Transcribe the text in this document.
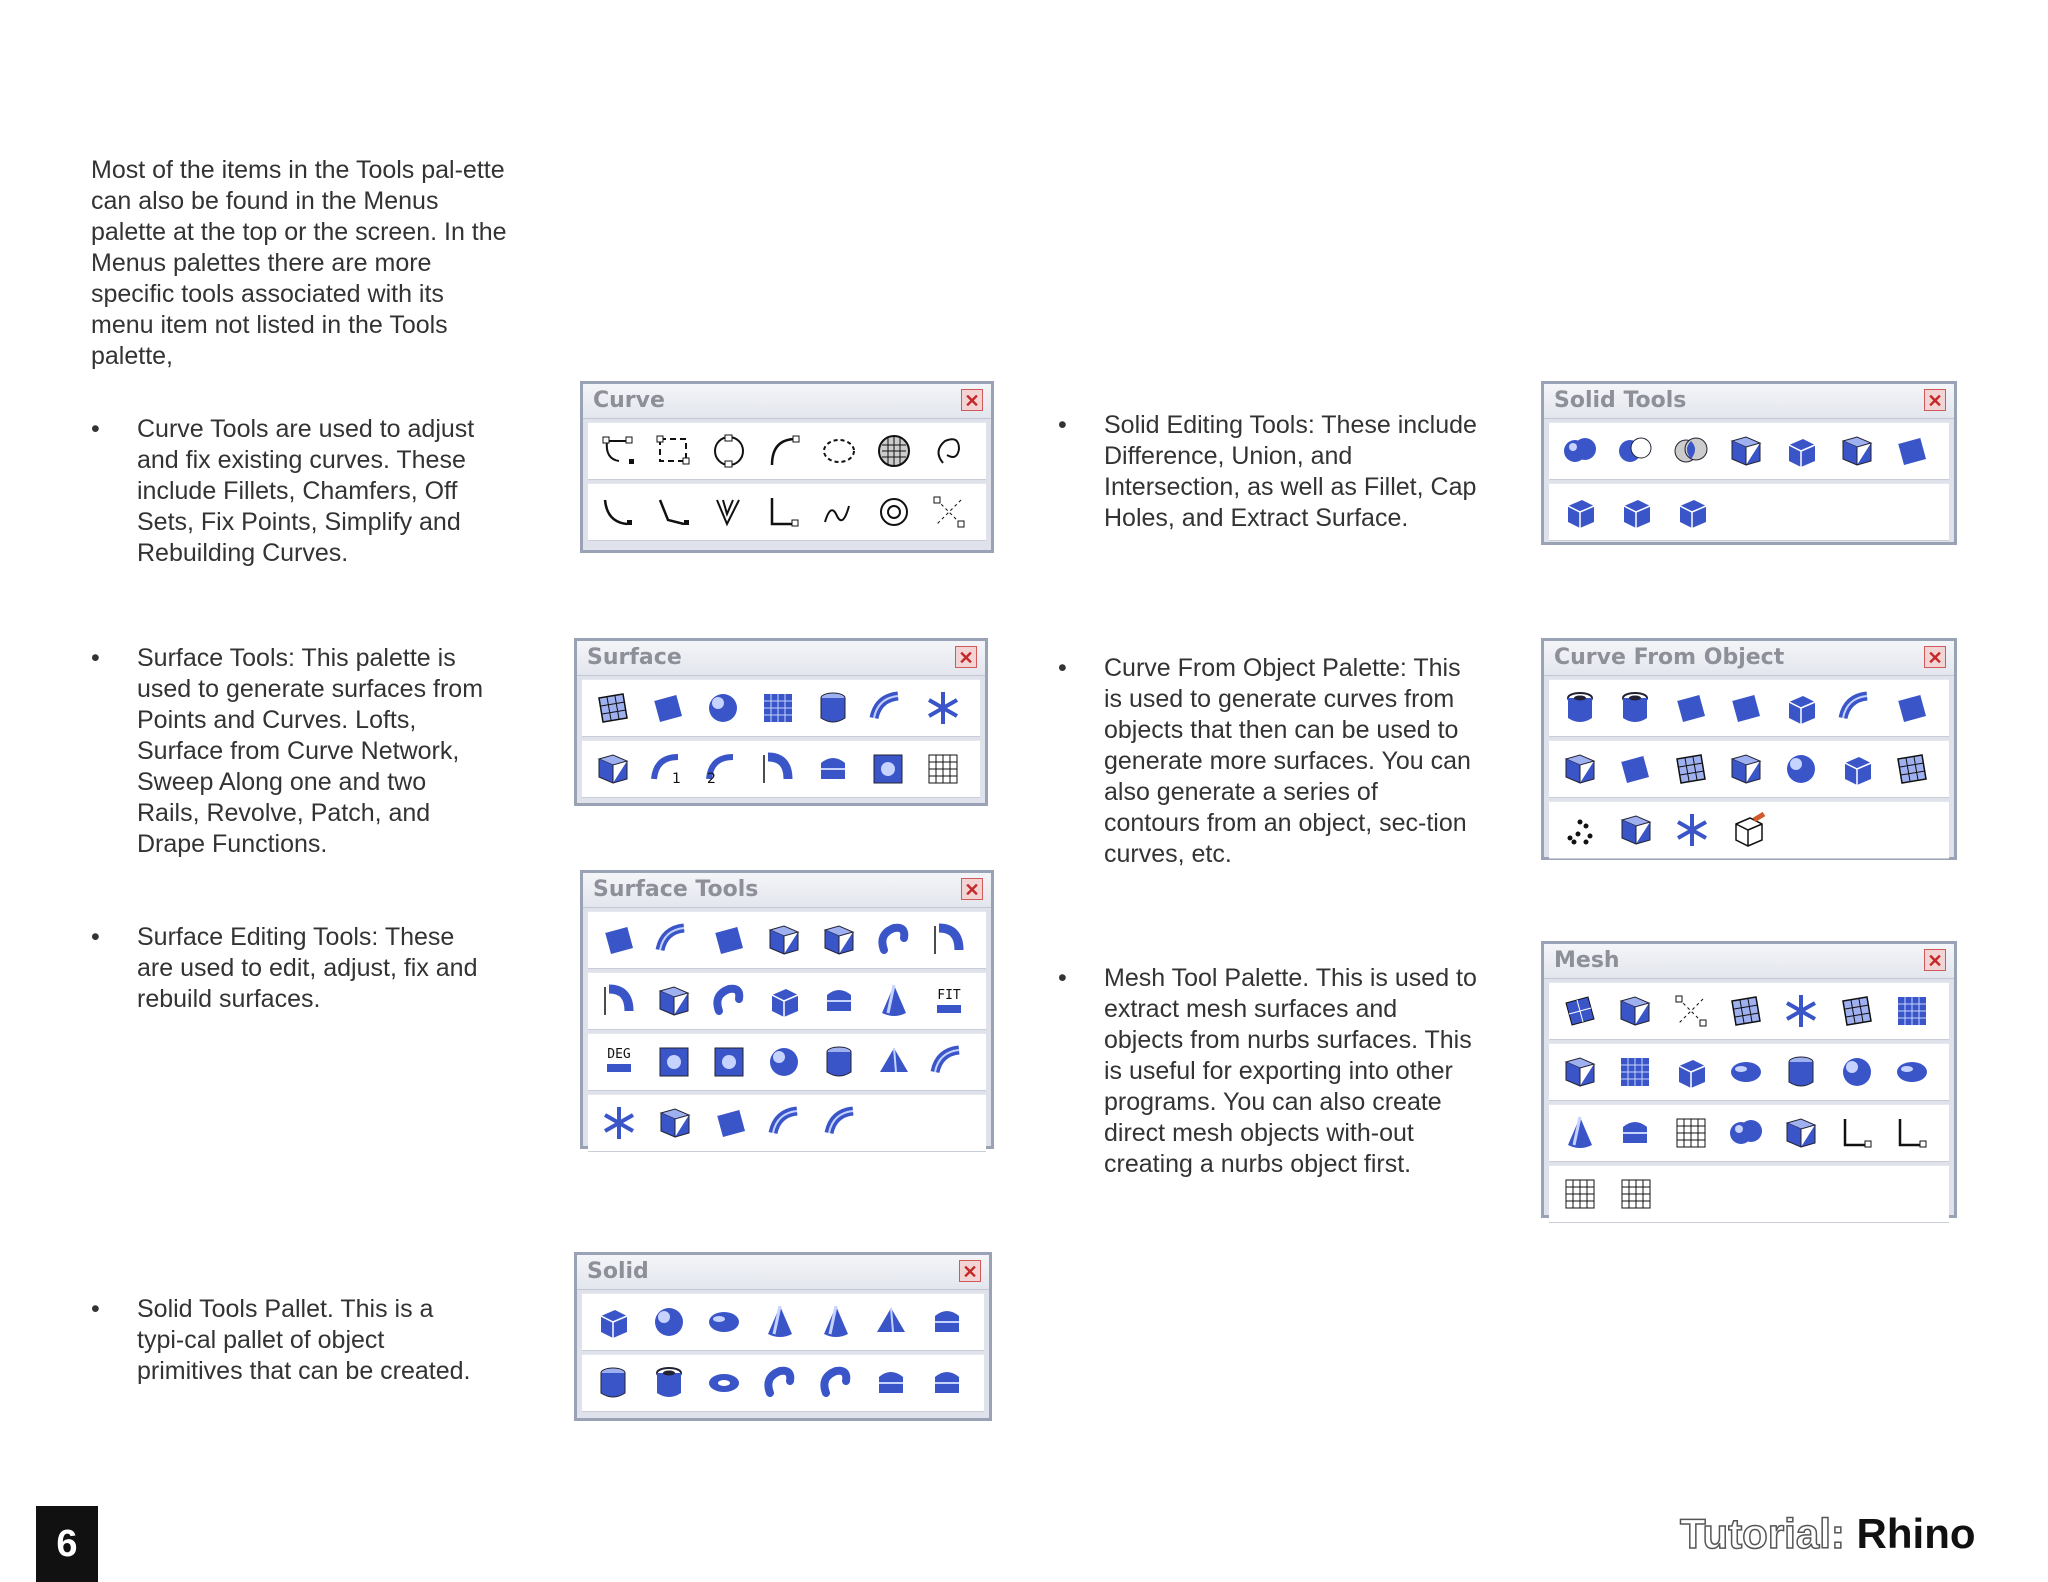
Most of the items in the Tools pal-ette can also be found in the Menus palette at the top or the screen. In the Menus palettes there are more specific tools associated with its menu item not listed in the Tools palette,
• Curve Tools are used to adjust and fix existing curves. These include Fillets, Chamfers, Off Sets, Fix Points, Simplify and Rebuilding Curves.
• Surface Tools: This palette is used to generate surfaces from Points and Curves. Lofts, Surface from Curve Network, Sweep Along one and two Rails, Revolve, Patch, and Drape Functions.
• Surface Editing Tools: These are used to edit, adjust, fix and rebuild surfaces.
• Solid Tools Pallet. This is a typi-cal pallet of object primitives that can be created.
• Solid Editing Tools: These include Difference, Union, and Intersection, as well as Fillet, Cap Holes, and Extract Surface.
• Curve From Object Palette: This is used to generate curves from objects that then can be used to generate more surfaces. You can also generate a series of contours from an object, sec-tion curves, etc.
• Mesh Tool Palette. This is used to extract mesh surfaces and objects from nurbs surfaces. This is useful for exporting into other programs. You can also create direct mesh objects with-out creating a nurbs object first.
Curve	✕
Surface	✕
1 2
Surface Tools	✕
FIT
DEG
Solid	✕
Solid Tools	✕
Curve From Object	✕
Mesh	✕
6	Tutorial: Rhino
